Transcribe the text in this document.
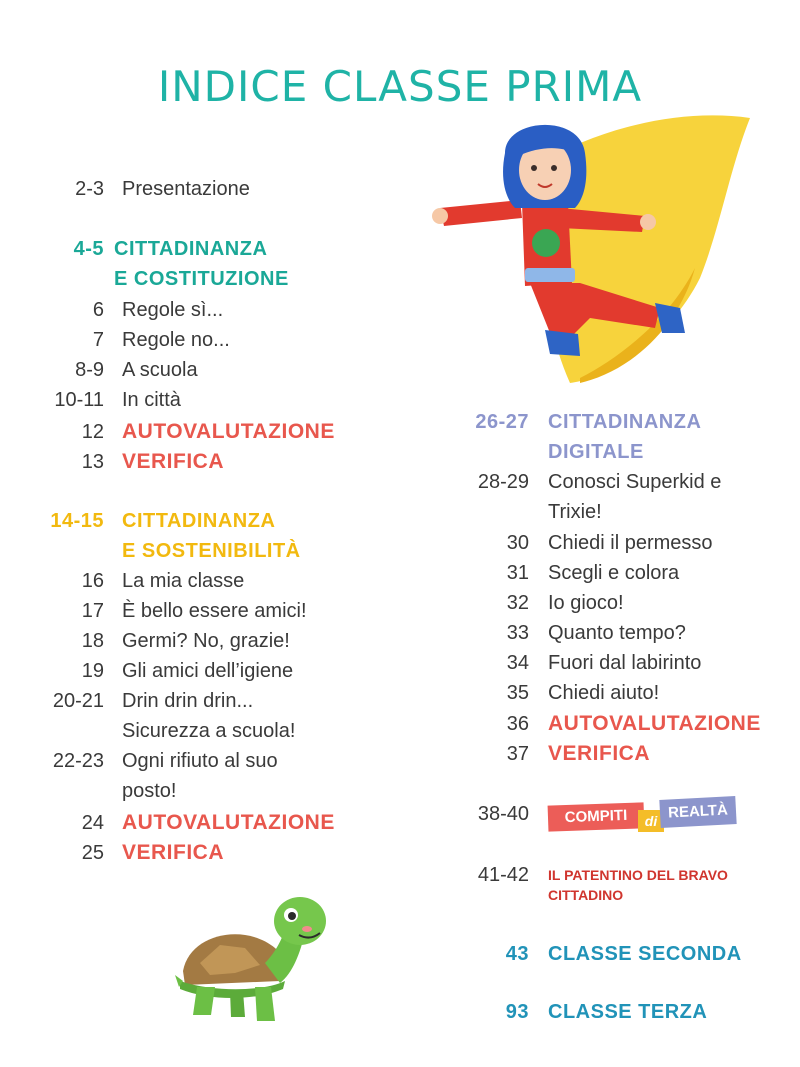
INDICE CLASSE PRIMA
2-3 Presentazione
4-5 CITTADINANZA
E COSTITUZIONE
6 Regole sì...
7 Regole no...
8-9 A scuola
10-11 In città
12 AUTOVALUTAZIONE
13 VERIFICA
14-15 CITTADINANZA
E SOSTENIBILITÀ
16 La mia classe
17 È bello essere amici!
18 Germi? No, grazie!
19 Gli amici dell’igiene
20-21 Drin drin drin...
Sicurezza a scuola!
22-23 Ogni rifiuto al suo
posto!
24 AUTOVALUTAZIONE
25 VERIFICA
26-27 CITTADINANZA
DIGITALE
28-29 Conosci Superkid e
Trixie!
30 Chiedi il permesso
31 Scegli e colora
32 Io gioco!
33 Quanto tempo?
34 Fuori dal labirinto
35 Chiedi aiuto!
36 AUTOVALUTAZIONE
37 VERIFICA
38-40	COMPITI	di REALTÀ
41-42 IL PATENTINO DEL BRAVO
CITTADINO
43 CLASSE SECONDA
93 CLASSE TERZA
